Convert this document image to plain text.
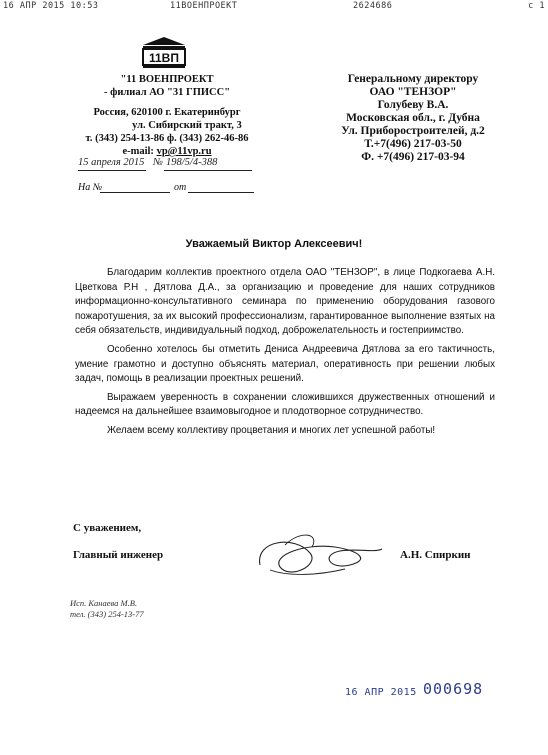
16 АПР 2015 10:53	11ВОЕНПРОЕКТ	2624686	с 1
11ВП
"11 ВОЕНПРОЕКТ
- филиал АО "31 ГПИСС"
Россия, 620100 г. Екатеринбург
ул. Сибирский тракт, 3
т. (343) 254-13-86 ф. (343) 262-46-86
e-mail: vp@11vp.ru
15 апреля 2015 № 198/5/4-388
На №	от
Генеральному директору
ОАО "ТЕНЗОР"
Голубеву В.А.
Московская обл., г. Дубна
Ул. Приборостроителей, д.2
Т.+7(496) 217-03-50
Ф. +7(496) 217-03-94
Уважаемый Виктор Алексеевич!

Благодарим коллектив проектного отдела ОАО "ТЕНЗОР", в лице Подкогаева А.Н. Цветкова Р.Н , Дятлова Д.А., за организацию и проведение для наших сотрудников информационно-консультативного семинара по применению оборудования газового пожаротушения, за их высокий профессионализм, гарантированное выполнение взятых на себя обязательств, индивидуальный подход, доброжелательность и гостеприимство.

Особенно хотелось бы отметить Дениса Андреевича Дятлова за его тактичность, умение грамотно и доступно объяснять материал, оперативность при решении любых задач, помощь в реализации проектных решений.

Выражаем уверенность в сохранении сложившихся дружественных отношений и надеемся на дальнейшее взаимовыгодное и плодотворное сотрудничество.

Желаем всему коллективу процветания и многих лет успешной работы!

С уважением,
Главный инженер	А.Н. Спиркин
Исп. Канаева М.В.
тел. (343) 254-13-77
16 АПР 2015 000698
